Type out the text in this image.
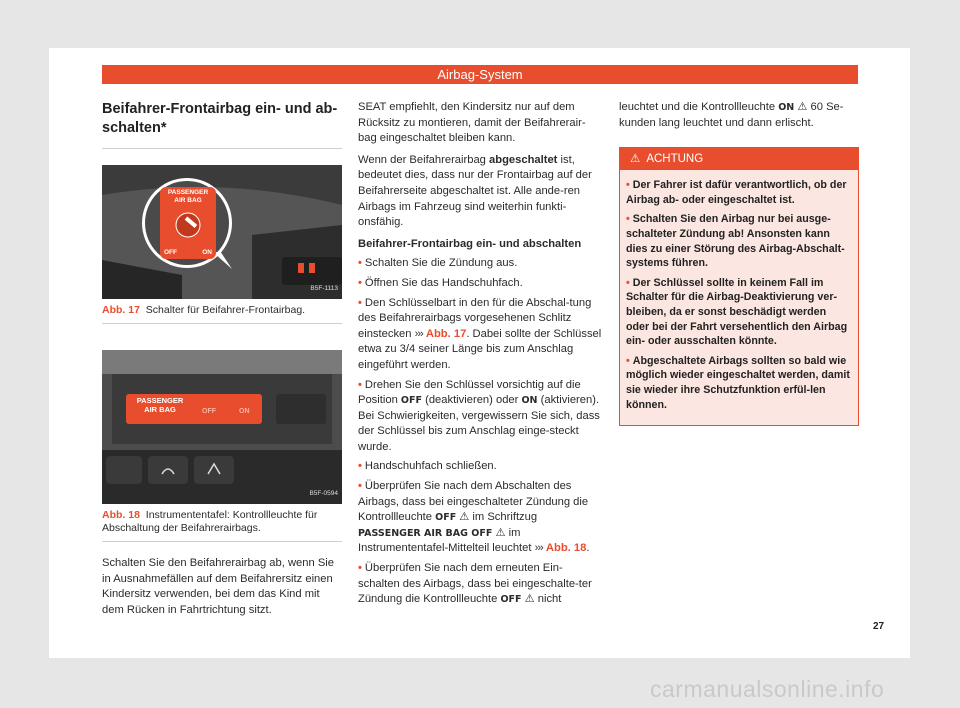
Airbag-System
Beifahrer-Frontairbag ein- und ab-
schalten*
PASSENGER
AIR BAG
OFF	ON
B5F-1113
Abb. 17 Schalter für Beifahrer-Frontairbag.
PASSENGER
AIR BAG	OFF	ON
B5F-0594
Abb. 18 Instrumententafel: Kontrollleuchte für Abschaltung der Beifahrerairbags.

Schalten Sie den Beifahrerairbag ab, wenn Sie in Ausnahmefällen auf dem Beifahrersitz einen Kindersitz verwenden, bei dem das Kind mit dem Rücken in Fahrtrichtung sitzt.

SEAT empfiehlt, den Kindersitz nur auf dem Rücksitz zu montieren, damit der Beifahrerair-bag eingeschaltet bleiben kann.

Wenn der Beifahrerairbag abgeschaltet ist, bedeutet dies, dass nur der Frontairbag auf der Beifahrerseite abgeschaltet ist. Alle ande-ren Airbags im Fahrzeug sind weiterhin funkti-onsfähig.

Beifahrer-Frontairbag ein- und abschalten
• Schalten Sie die Zündung aus.
• Öffnen Sie das Handschuhfach.
• Den Schlüsselbart in den für die Abschal-tung des Beifahrerairbags vorgesehenen Schlitz einstecken ››› Abb. 17. Dabei sollte der Schlüssel etwa zu 3/4 seiner Länge bis zum Anschlag eingeführt werden.
• Drehen Sie den Schlüssel vorsichtig auf die Position OFF (deaktivieren) oder ON (aktivieren). Bei Schwierigkeiten, vergewissern Sie sich, dass der Schlüssel bis zum Anschlag einge-steckt wurde.
• Handschuhfach schließen.
• Überprüfen Sie nach dem Abschalten des Airbags, dass bei eingeschalteter Zündung die Kontrollleuchte OFF ⚠ im Schriftzug PASSENGER AIR BAG OFF ⚠ im Instrumententafel-Mittelteil leuchtet ››› Abb. 18.
• Überprüfen Sie nach dem erneuten Ein-schalten des Airbags, dass bei eingeschalte-ter Zündung die Kontrollleuchte OFF ⚠ nicht

leuchtet und die Kontrollleuchte ON ⚠ 60 Se-kunden lang leuchtet und dann erlischt.

⚠ ACHTUNG
• Der Fahrer ist dafür verantwortlich, ob der Airbag ab- oder eingeschaltet ist.
• Schalten Sie den Airbag nur bei ausge-schalteter Zündung ab! Ansonsten kann dies zu einer Störung des Airbag-Abschalt-systems führen.
• Der Schlüssel sollte in keinem Fall im Schalter für die Airbag-Deaktivierung ver-bleiben, da er sonst beschädigt werden oder bei der Fahrt versehentlich den Airbag ein- oder ausschalten könnte.
• Abgeschaltete Airbags sollten so bald wie möglich wieder eingeschaltet werden, damit sie wieder ihre Schutzfunktion erfül-len können.
27
carmanualsonline.info
